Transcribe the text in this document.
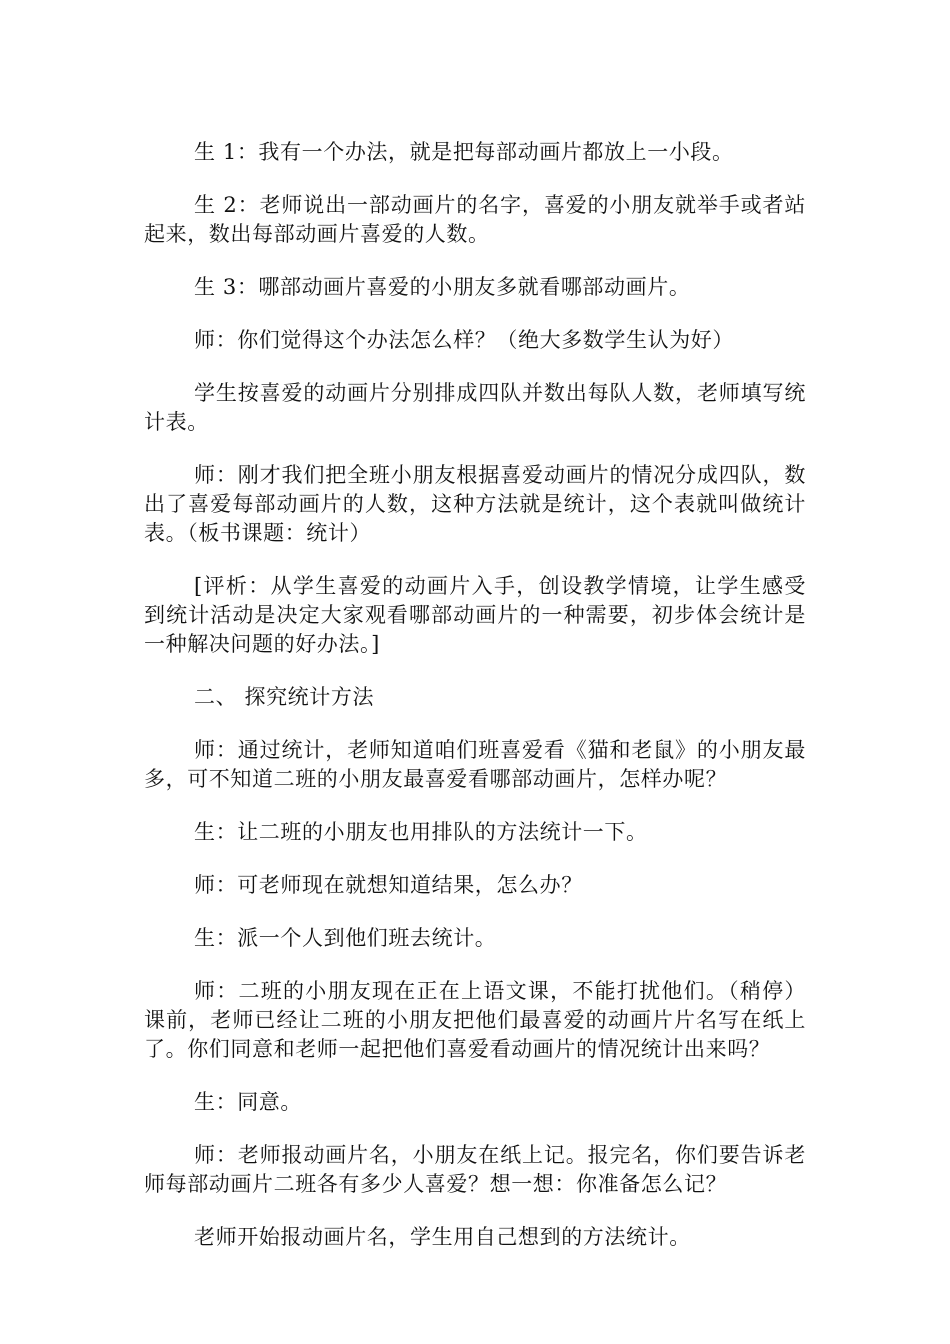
生 1：我有一个办法，就是把每部动画片都放上一小段。

生 2：老师说出一部动画片的名字，喜爱的小朋友就举手或者站起来，数出每部动画片喜爱的人数。

生 3：哪部动画片喜爱的小朋友多就看哪部动画片。

师：你们觉得这个办法怎么样？（绝大多数学生认为好）

学生按喜爱的动画片分别排成四队并数出每队人数，老师填写统计表。

师：刚才我们把全班小朋友根据喜爱动画片的情况分成四队，数出了喜爱每部动画片的人数，这种方法就是统计，这个表就叫做统计表。（板书课题：统计）

[评析：从学生喜爱的动画片入手，创设教学情境，让学生感受到统计活动是决定大家观看哪部动画片的一种需要，初步体会统计是一种解决问题的好办法。]

二、 探究统计方法

师：通过统计，老师知道咱们班喜爱看《猫和老鼠》的小朋友最多，可不知道二班的小朋友最喜爱看哪部动画片，怎样办呢？

生：让二班的小朋友也用排队的方法统计一下。

师：可老师现在就想知道结果，怎么办？

生：派一个人到他们班去统计。

师：二班的小朋友现在正在上语文课，不能打扰他们。（稍停）课前，老师已经让二班的小朋友把他们最喜爱的动画片片名写在纸上了。你们同意和老师一起把他们喜爱看动画片的情况统计出来吗？

生：同意。

师：老师报动画片名，小朋友在纸上记。报完名，你们要告诉老师每部动画片二班各有多少人喜爱？想一想：你准备怎么记？

老师开始报动画片名，学生用自己想到的方法统计。
